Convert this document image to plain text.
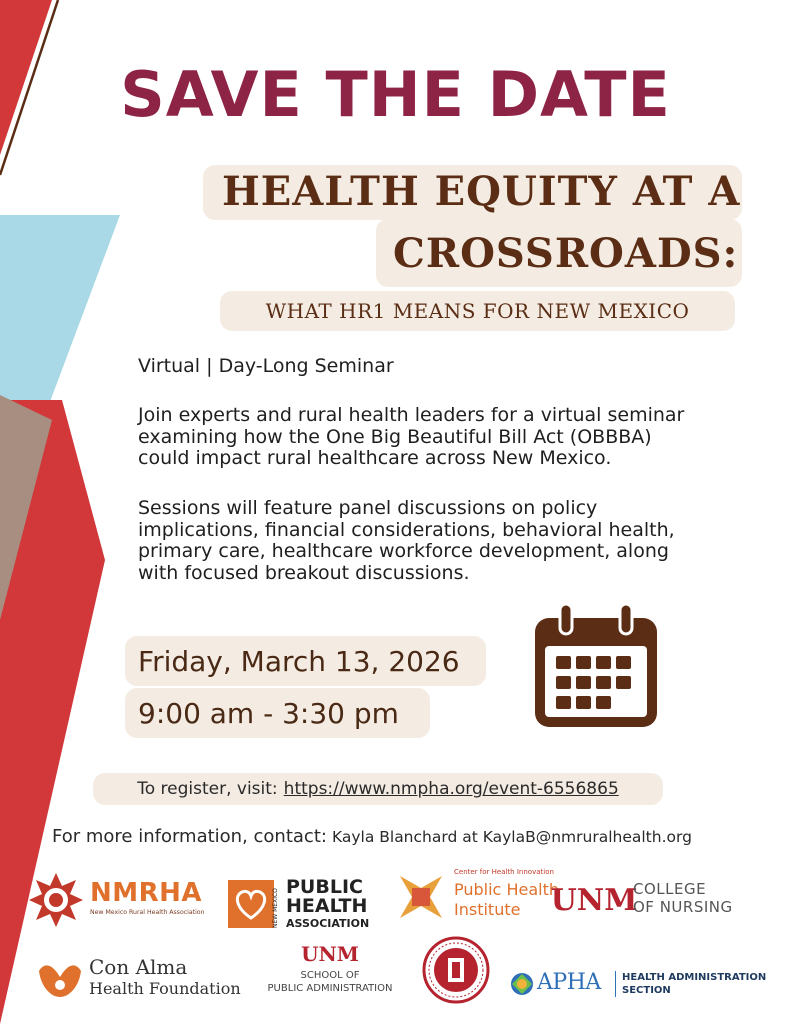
SAVE THE DATE
HEALTH EQUITY AT A
CROSSROADS:
WHAT HR1 MEANS FOR NEW MEXICO
Virtual | Day-Long Seminar
Join experts and rural health leaders for a virtual seminar
examining how the One Big Beautiful Bill Act (OBBBA)
could impact rural healthcare across New Mexico.
Sessions will feature panel discussions on policy
implications, financial considerations, behavioral health,
primary care, healthcare workforce development, along
with focused breakout discussions.
Friday, March 13, 2026
9:00 am - 3:30 pm
To register, visit: https://www.nmpha.org/event-6556865
For more information, contact: Kayla Blanchard at KaylaB@nmruralhealth.org
NMRHA
New Mexico Rural Health Association	NEW MEXICO
PUBLIC
HEALTH
ASSOCIATION
Center for Health Innovation
Public Health
Institute UNM
COLLEGE
OF NURSING
Con Alma
Health Foundation
UNM
SCHOOL OF
PUBLIC ADMINISTRATION	APHA HEALTH ADMINISTRATION
SECTION
